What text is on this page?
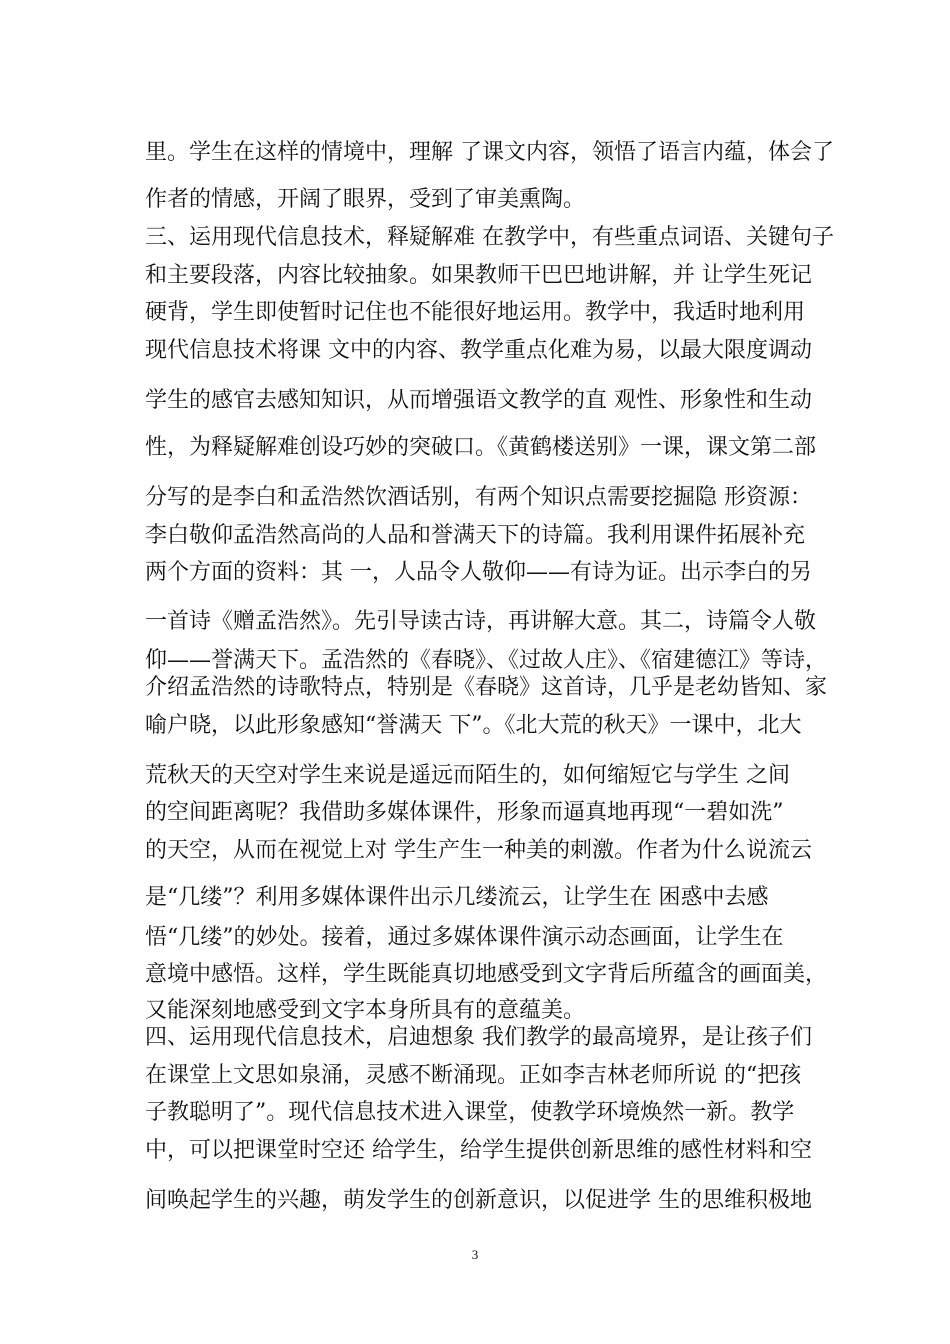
里。学生在这样的情境中，理解 了课文内容，领悟了语言内蕴，体会了
作者的情感，开阔了眼界，受到了审美熏陶。
三、运用现代信息技术，释疑解难 在教学中，有些重点词语、关键句子
和主要段落，内容比较抽象。如果教师干巴巴地讲解，并 让学生死记
硬背，学生即使暂时记住也不能很好地运用。教学中，我适时地利用
现代信息技术将课 文中的内容、教学重点化难为易，以最大限度调动
学生的感官去感知知识，从而增强语文教学的直 观性、形象性和生动
性，为释疑解难创设巧妙的突破口。《黄鹤楼送别》一课，课文第二部
分写的是李白和孟浩然饮酒话别，有两个知识点需要挖掘隐 形资源：
李白敬仰孟浩然高尚的人品和誉满天下的诗篇。我利用课件拓展补充
两个方面的资料：其 一，人品令人敬仰——有诗为证。出示李白的另
一首诗《赠孟浩然》。先引导读古诗，再讲解大意。其二，诗篇令人敬
仰——誉满天下。孟浩然的《春晓》、《过故人庄》、《宿建德江》等诗，
介绍孟浩然的诗歌特点，特别是《春晓》这首诗，几乎是老幼皆知、家
喻户晓，以此形象感知“誉满天 下”。《北大荒的秋天》一课中，北大
荒秋天的天空对学生来说是遥远而陌生的，如何缩短它与学生 之间
的空间距离呢？我借助多媒体课件，形象而逼真地再现“一碧如洗”
的天空，从而在视觉上对 学生产生一种美的刺激。作者为什么说流云
是“几缕”？利用多媒体课件出示几缕流云，让学生在 困惑中去感
悟“几缕”的妙处。接着，通过多媒体课件演示动态画面，让学生在
意境中感悟。这样，学生既能真切地感受到文字背后所蕴含的画面美，
又能深刻地感受到文字本身所具有的意蕴美。
四、运用现代信息技术，启迪想象 我们教学的最高境界，是让孩子们
在课堂上文思如泉涌，灵感不断涌现。正如李吉林老师所说 的“把孩
子教聪明了”。现代信息技术进入课堂，使教学环境焕然一新。教学
中，可以把课堂时空还 给学生，给学生提供创新思维的感性材料和空
间唤起学生的兴趣，萌发学生的创新意识，以促进学 生的思维积极地
3
